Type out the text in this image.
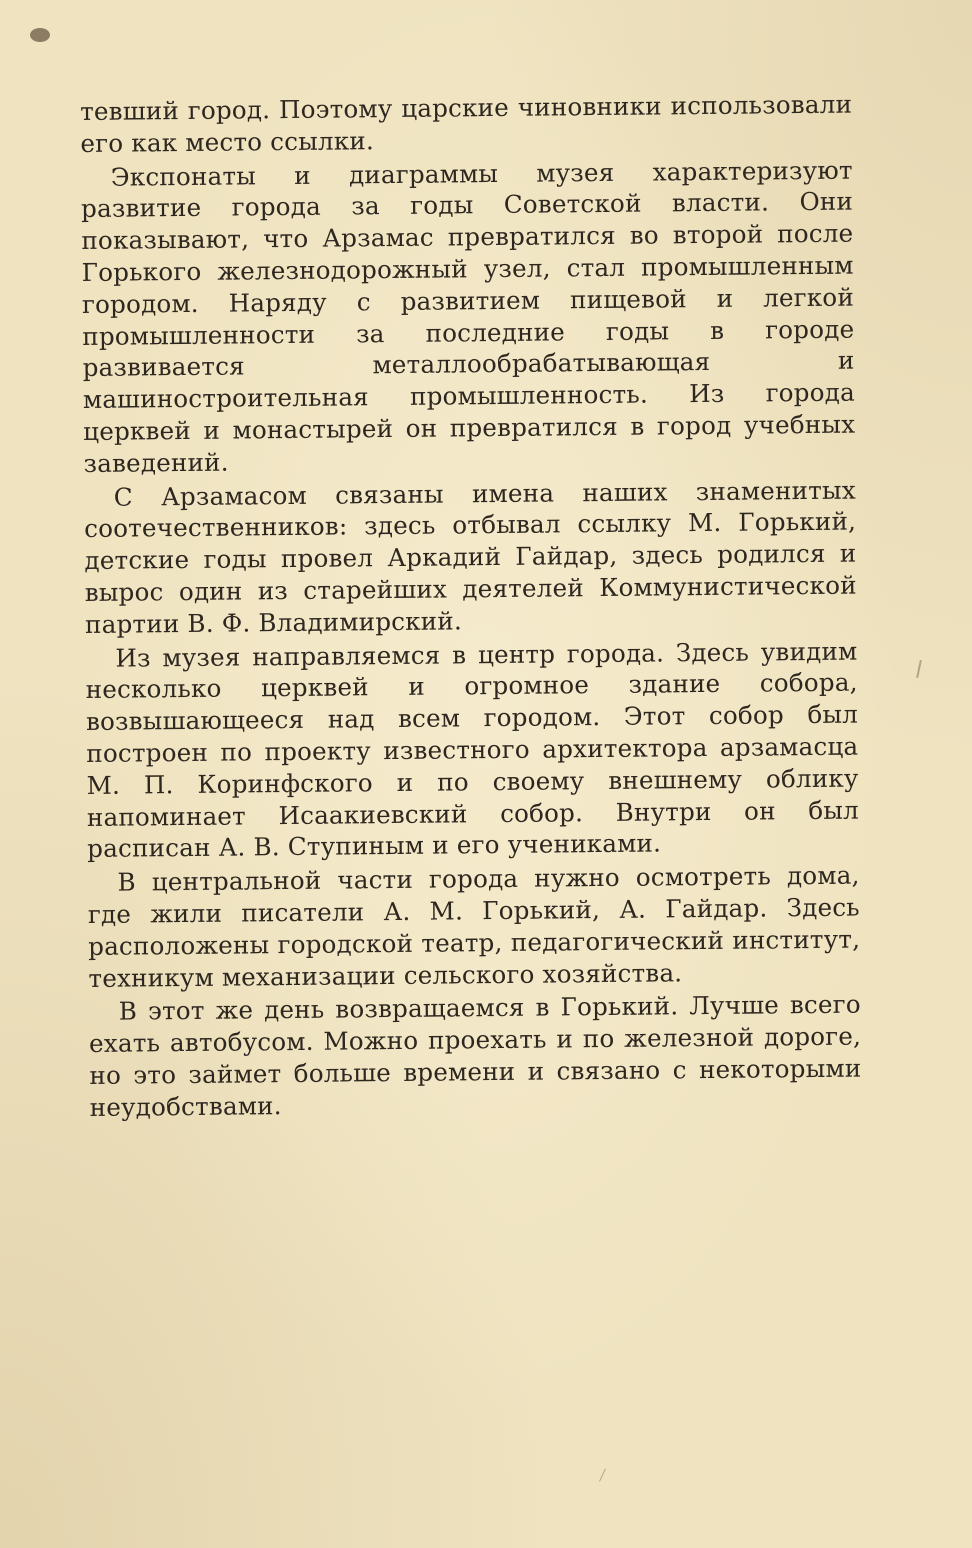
тевший город. Поэтому царские чиновники использовали его как место ссылки.

Экспонаты и диаграммы музея характеризуют развитие города за годы Советской власти. Они показывают, что Арзамас превратился во второй после Горького железнодорожный узел, стал промышленным городом. Наряду с развитием пищевой и легкой промышленности за последние годы в городе развивается металлообрабатывающая и машиностроительная промышленность. Из города церквей и монастырей он превратился в город учебных заведений.

С Арзамасом связаны имена наших знаменитых соотечественников: здесь отбывал ссылку М. Горький, детские годы провел Аркадий Гайдар, здесь родился и вырос один из старейших деятелей Коммунистической партии В. Ф. Владимирский.

Из музея направляемся в центр города. Здесь увидим несколько церквей и огромное здание собора, возвышающееся над всем городом. Этот собор был построен по проекту известного архитектора арзамасца М. П. Коринфского и по своему внешнему облику напоминает Исаакиевский собор. Внутри он был расписан А. В. Ступиным и его учениками.

В центральной части города нужно осмотреть дома, где жили писатели А. М. Горький, А. Гайдар. Здесь расположены городской театр, педагогический институт, техникум механизации сельского хозяйства.

В этот же день возвращаемся в Горький. Лучше всего ехать автобусом. Можно проехать и по железной дороге, но это займет больше времени и связано с некоторыми неудобствами.
